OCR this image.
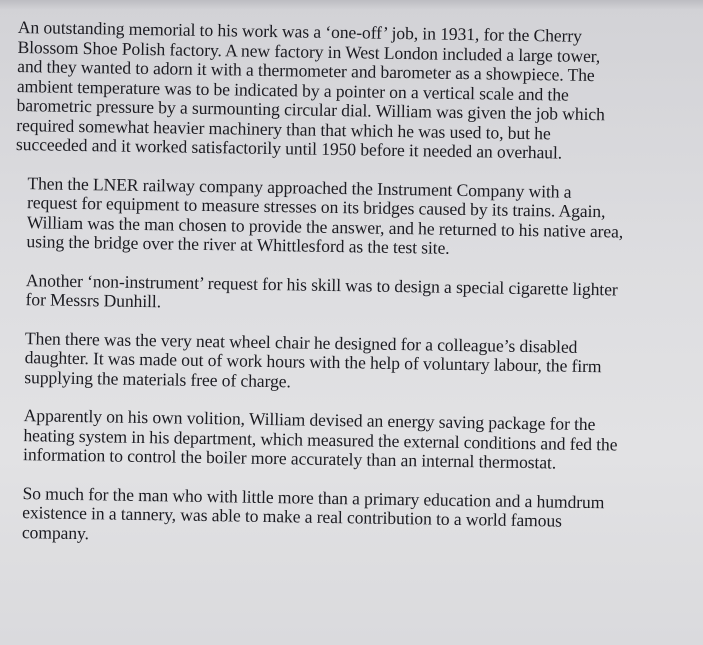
An outstanding memorial to his work was a ‘one-off’ job, in 1931, for the Cherry
Blossom Shoe Polish factory. A new factory in West London included a large tower,
and they wanted to adorn it with a thermometer and barometer as a showpiece. The
ambient temperature was to be indicated by a pointer on a vertical scale and the
barometric pressure by a surmounting circular dial. William was given the job which
required somewhat heavier machinery than that which he was used to, but he
succeeded and it worked satisfactorily until 1950 before it needed an overhaul.

Then the LNER railway company approached the Instrument Company with a
request for equipment to measure stresses on its bridges caused by its trains. Again,
William was the man chosen to provide the answer, and he returned to his native area,
using the bridge over the river at Whittlesford as the test site.

Another ‘non-instrument’ request for his skill was to design a special cigarette lighter
for Messrs Dunhill.

Then there was the very neat wheel chair he designed for a colleague’s disabled
daughter. It was made out of work hours with the help of voluntary labour, the firm
supplying the materials free of charge.

Apparently on his own volition, William devised an energy saving package for the
heating system in his department, which measured the external conditions and fed the
information to control the boiler more accurately than an internal thermostat.

So much for the man who with little more than a primary education and a humdrum
existence in a tannery, was able to make a real contribution to a world famous
company.
